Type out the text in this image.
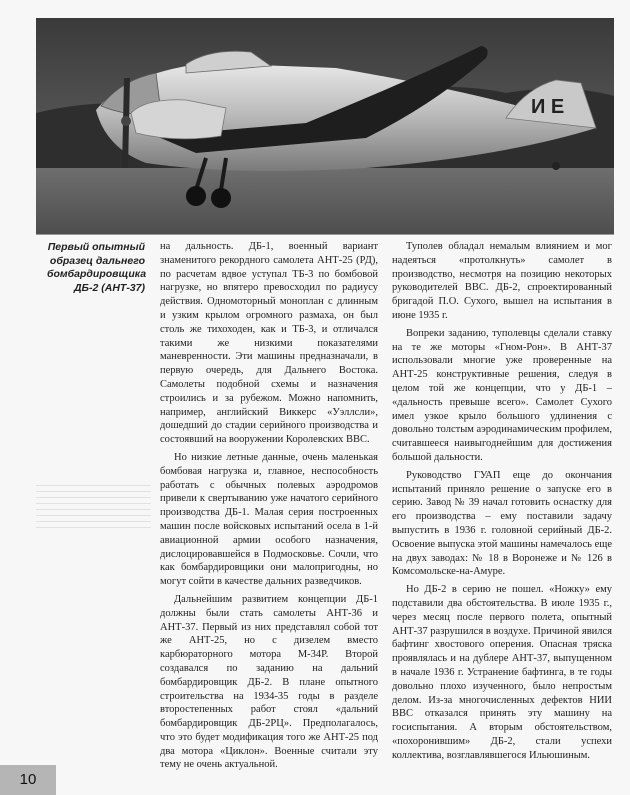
И Е
Первый опытный образец дальнего бомбардировщика ДБ-2 (АНТ-37)

на дальность. ДБ-1, военный вариант знаменитого рекордного самолета АНТ-25 (РД), по расчетам вдвое уступал ТБ-3 по бомбовой нагрузке, но впятеро превосходил по радиусу действия. Одномоторный моноплан с длинным и узким крылом огромного размаха, он был столь же тихоходен, как и ТБ-3, и отличался такими же низкими показателями маневренности. Эти машины предназначали, в первую очередь, для Дальнего Востока. Самолеты подобной схемы и назначения строились и за рубежом. Можно напомнить, например, английский Виккерс «Уэллсли», дошедший до стадии серийного производства и состоявший на вооружении Королевских ВВС.

Но низкие летные данные, очень маленькая бомбовая нагрузка и, главное, неспособность работать с обычных полевых аэродромов привели к свертыванию уже начатого серийного производства ДБ-1. Малая серия построенных машин после войсковых испытаний осела в 1-й авиационной армии особого назначения, дислоцировавшейся в Подмосковье. Сочли, что как бомбардировщики они малопригодны, но могут сойти в качестве дальних разведчиков.

Дальнейшим развитием концепции ДБ-1 должны были стать самолеты АНТ-36 и АНТ-37. Первый из них представлял собой тот же АНТ-25, но с дизелем вместо карбюраторного мотора М-34Р. Второй создавался по заданию на дальний бомбардировщик ДБ-2. В плане опытного строительства на 1934-35 годы в разделе второстепенных работ стоял «дальний бомбардировщик ДБ-2РЦ». Предполагалось, что это будет модификация того же АНТ-25 под два мотора «Циклон». Военные считали эту тему не очень актуальной.

Туполев обладал немалым влиянием и мог надеяться «протолкнуть» самолет в производство, несмотря на позицию некоторых руководителей ВВС. ДБ-2, спроектированный бригадой П.О. Сухого, вышел на испытания в июне 1935 г.

Вопреки заданию, туполевцы сделали ставку на те же моторы «Гном-Рон». В АНТ-37 использовали многие уже проверенные на АНТ-25 конструктивные решения, следуя в целом той же концепции, что у ДБ-1 – «дальность превыше всего». Самолет Сухого имел узкое крыло большого удлинения с довольно толстым аэродинамическим профилем, считавшееся наивыгоднейшим для достижения большой дальности.

Руководство ГУАП еще до окончания испытаний приняло решение о запуске его в серию. Завод № 39 начал готовить оснастку для его производства – ему поставили задачу выпустить в 1936 г. головной серийный ДБ-2. Освоение выпуска этой машины намечалось еще на двух заводах: № 18 в Воронеже и № 126 в Комсомольске-на-Амуре.

Но ДБ-2 в серию не пошел. «Ножку» ему подставили два обстоятельства. В июле 1935 г., через месяц после первого полета, опытный АНТ-37 разрушился в воздухе. Причиной явился бафтинг хвостового оперения. Опасная тряска проявлялась и на дублере АНТ-37, выпущенном в начале 1936 г. Устранение бафтинга, в те годы довольно плохо изученного, было непростым делом. Из-за многочисленных дефектов НИИ ВВС отказался принять эту машину на госиспытания. А вторым обстоятельством, «похоронившим» ДБ-2, стали успехи коллектива, возглавлявшегося Ильюшиным.

10
